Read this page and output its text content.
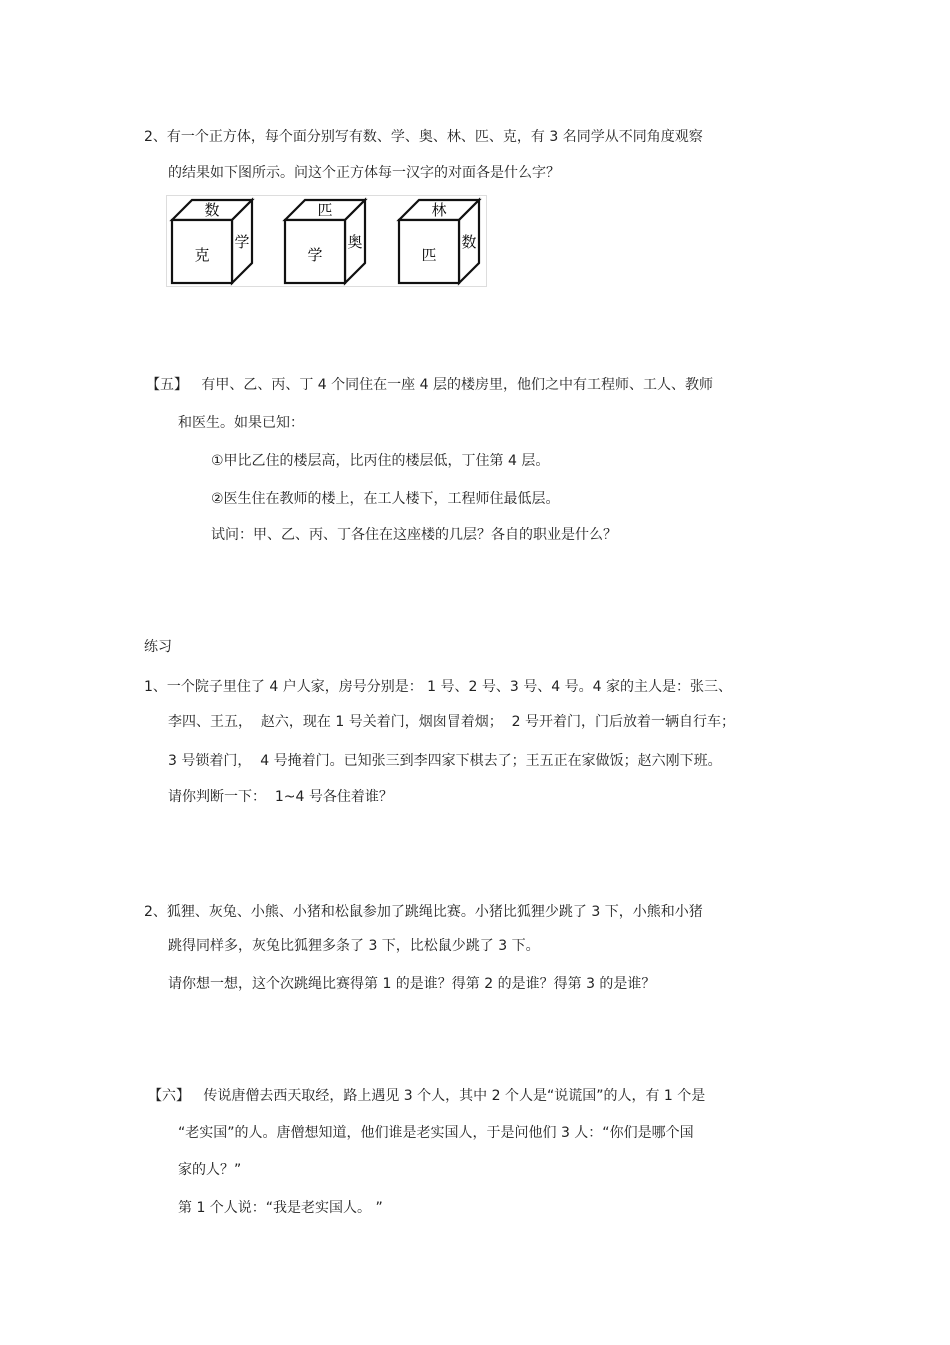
2、有一个正方体，每个面分别写有数、学、奥、林、匹、克，有 3 名同学从不同角度观察
的结果如下图所示。问这个正方体每一汉字的对面各是什么字？
数
克
学
匹
学
奥
林
匹
数
【五】   有甲、乙、丙、丁 4 个同住在一座 4 层的楼房里，他们之中有工程师、工人、教师
和医生。如果已知：
①甲比乙住的楼层高，比丙住的楼层低，丁住第 4 层。
②医生住在教师的楼上，在工人楼下，工程师住最低层。
试问：甲、乙、丙、丁各住在这座楼的几层？各自的职业是什么？
练习
1、一个院子里住了 4 户人家，房号分别是： 1 号、2 号、3 号、4 号。4 家的主人是：张三、
李四、王五，  赵六，现在 1 号关着门，烟囱冒着烟；  2 号开着门，门后放着一辆自行车；
3 号锁着门，  4 号掩着门。已知张三到李四家下棋去了；王五正在家做饭；赵六刚下班。
请你判断一下：  1~4 号各住着谁？
2、狐狸、灰兔、小熊、小猪和松鼠参加了跳绳比赛。小猪比狐狸少跳了 3 下，小熊和小猪
跳得同样多，灰兔比狐狸多条了 3 下，比松鼠少跳了 3 下。
请你想一想，这个次跳绳比赛得第 1 的是谁？得第 2 的是谁？得第 3 的是谁？
【六】   传说唐僧去西天取经，路上遇见 3 个人，其中 2 个人是“说谎国”的人，有 1 个是
“老实国”的人。唐僧想知道，他们谁是老实国人，于是问他们 3 人：“你们是哪个国
家的人？”
第 1 个人说：“我是老实国人。 ”
